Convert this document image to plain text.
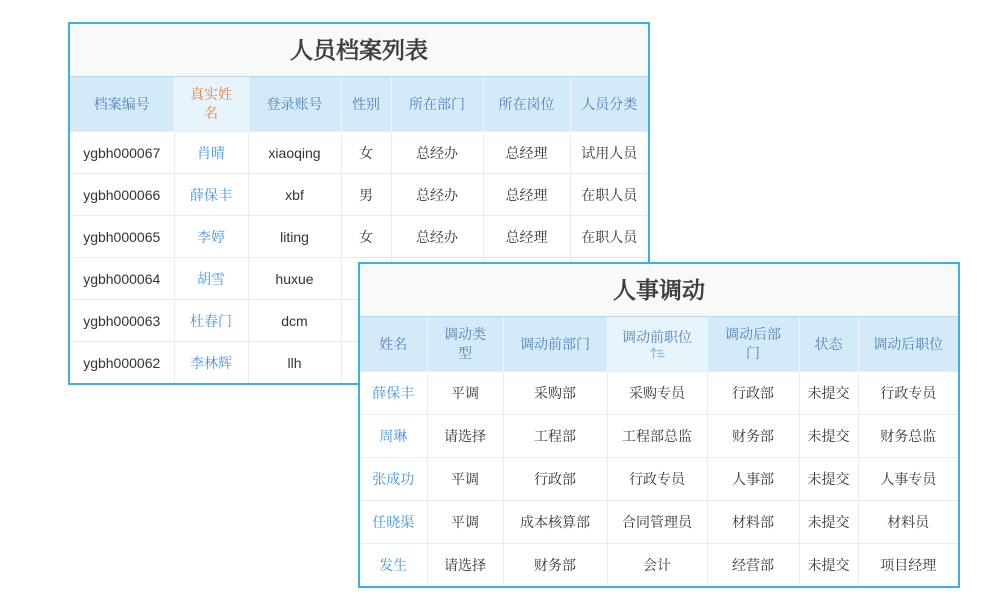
人员档案列表
档案编号	真实姓名	登录账号	性别	所在部门	所在岗位	人员分类

ygbh000067	肖晴	xiaoqing	女	总经办	总经理	试用人员
ygbh000066	薛保丰	xbf	男	总经办	总经理	在职人员
ygbh000065	李婷	liting	女	总经办	总经理	在职人员
ygbh000064	胡雪	huxue				
ygbh000063	杜春门	dcm				
ygbh000062	李林辉	llh				
人事调动
姓名	调动类型	调动前部门	调动前职位	调动后部门	状态	调动后职位

薛保丰	平调	采购部	采购专员	行政部	未提交	行政专员
周琳	请选择	工程部	工程部总监	财务部	未提交	财务总监
张成功	平调	行政部	行政专员	人事部	未提交	人事专员
任晓渠	平调	成本核算部	合同管理员	材料部	未提交	材料员
发生	请选择	财务部	会计	经营部	未提交	项目经理
